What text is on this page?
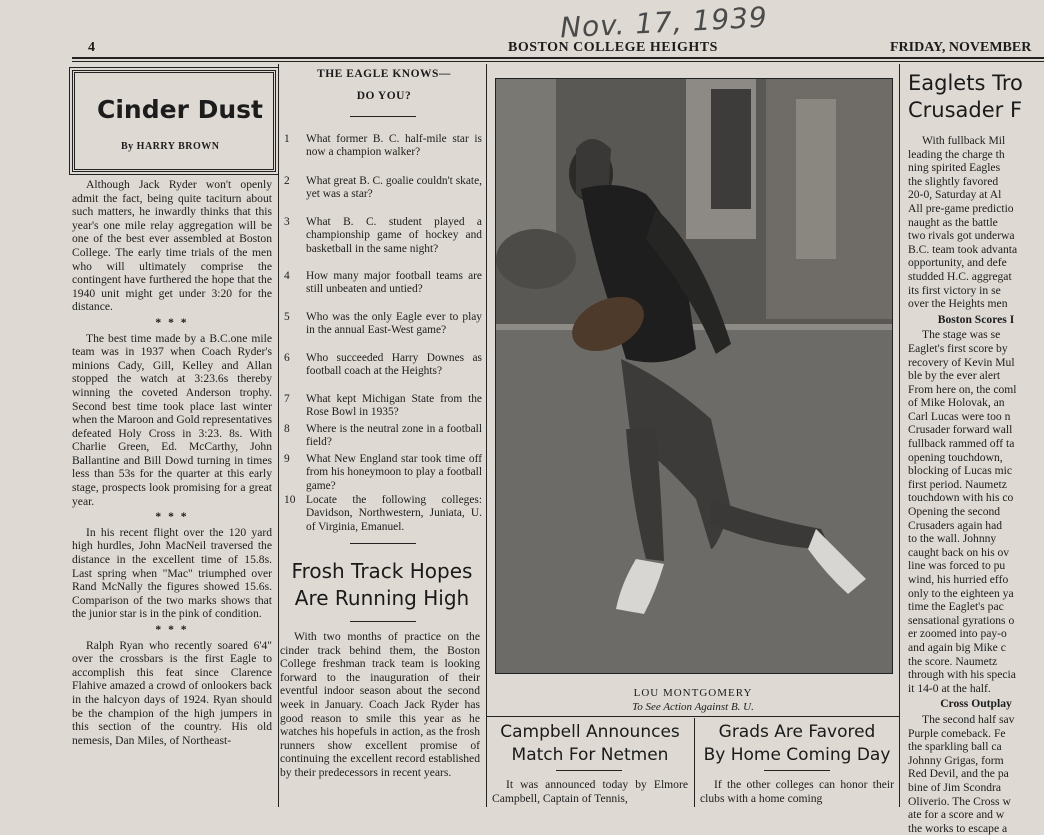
Nov. 17, 1939
4	BOSTON COLLEGE HEIGHTS	FRIDAY, NOVEMBER
Cinder Dust
By HARRY BROWN

Although Jack Ryder won't openly admit the fact, being quite taciturn about such matters, he inwardly thinks that this year's one mile relay aggregation will be one of the best ever assembled at Boston College. The early time trials of the men who will ultimately comprise the contingent have furthered the hope that the 1940 unit might get under 3:20 for the distance.

* * *

The best time made by a B.C.one mile team was in 1937 when Coach Ryder's minions Cady, Gill, Kelley and Allan stopped the watch at 3:23.6s thereby winning the coveted Anderson trophy. Second best time took place last winter when the Maroon and Gold representatives defeated Holy Cross in 3:23. 8s. With Charlie Green, Ed. McCarthy, John Ballantine and Bill Dowd turning in times less than 53s for the quarter at this early stage, prospects look promising for a great year.

* * *

In his recent flight over the 120 yard high hurdles, John MacNeil traversed the distance in the excellent time of 15.8s. Last spring when "Mac" triumphed over Rand McNally the figures showed 15.6s. Comparison of the two marks shows that the junior star is in the pink of condition.

* * *

Ralph Ryan who recently soared 6'4" over the crossbars is the first Eagle to accomplish this feat since Clarence Flahive amazed a crowd of onlookers back in the halcyon days of 1924. Ryan should be the champion of the high jumpers in this section of the country. His old nemesis, Dan Miles, of Northeast-

THE EAGLE KNOWS—
DO YOU?
1	What former B. C. half-mile star is now a champion walker?
2	What great B. C. goalie couldn't skate, yet was a star?
3	What B. C. student played a championship game of hockey and basketball in the same night?
4	How many major football teams are still unbeaten and untied?
5	Who was the only Eagle ever to play in the annual East-West game?
6	Who succeeded Harry Downes as football coach at the Heights?
7	What kept Michigan State from the Rose Bowl in 1935?
8	Where is the neutral zone in a football field?
9	What New England star took time off from his honeymoon to play a football game?
10 Locate the following colleges: Davidson, Northwestern, Juniata, U. of Virginia, Emanuel.
Frosh Track Hopes
Are Running High

With two months of practice on the cinder track behind them, the Boston College freshman track team is looking forward to the inauguration of their eventful indoor season about the second week in January. Coach Jack Ryder has good reason to smile this year as he watches his hopefuls in action, as the frosh runners show excellent promise of continuing the excellent record established by their predecessors in recent years.

LOU MONTGOMERY
To See Action Against B. U.
Campbell Announces
Match For Netmen

It was announced today by Elmore Campbell, Captain of Tennis,

Grads Are Favored
By Home Coming Day

If the other colleges can honor their clubs with a home coming

Eaglets Tro
Crusader F
With fullback Mil
leading the charge th
ning spirited Eagles
the slightly favored
20-0, Saturday at Al
All pre-game predictio
naught as the battle
two rivals got underwa
B.C. team took advanta
opportunity, and defe
studded H.C. aggregat
its first victory in se
over the Heights men
Boston Scores I
The stage was se
Eaglet's first score by
recovery of Kevin Mul
ble by the ever alert
From here on, the coml
of Mike Holovak, an
Carl Lucas were too n
Crusader forward wall
fullback rammed off ta
opening touchdown,
blocking of Lucas mic
first period. Naumetz
touchdown with his co
Opening the second
Crusaders again had
to the wall. Johnny
caught back on his ov
line was forced to pu
wind, his hurried effo
only to the eighteen ya
time the Eaglet's pac
sensational gyrations o
er zoomed into pay-o
and again big Mike c
the score. Naumetz
through with his specia
it 14-0 at the half.
Cross Outplay
The second half sav
Purple comeback. Fe
the sparkling ball ca
Johnny Grigas, form
Red Devil, and the pa
bine of Jim Scondra
Oliverio. The Cross w
ate for a score and w
the works to escape a
